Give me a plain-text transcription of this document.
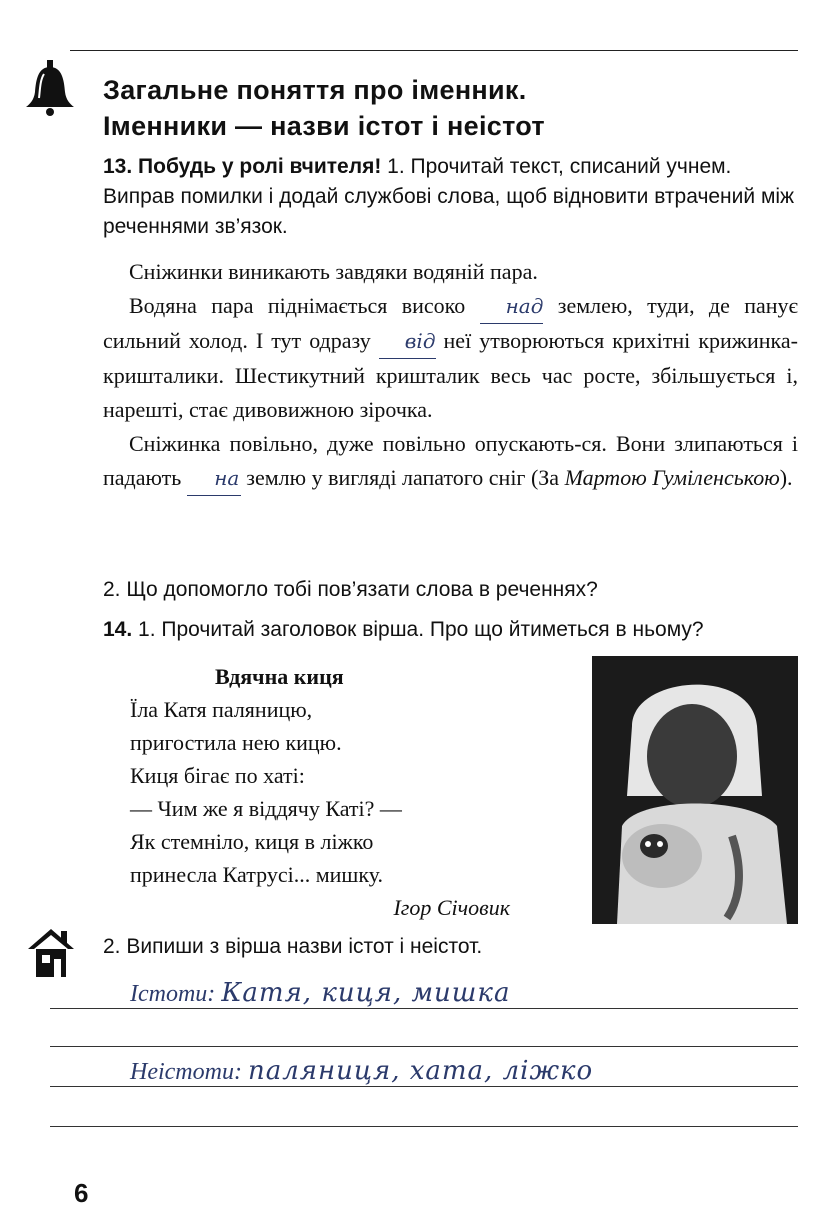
Загальне поняття про іменник.
Іменники — назви істот і неістот
13. Побудь у ролі вчителя! 1. Прочитай текст, списаний учнем. Виправ помилки і додай службові слова, щоб відновити втрачений між реченнями зв’язок.

Сніжинки виникають завдяки водяній пара.

Водяна пара піднімається високо над землею, туди, де панує сильний холод. І тут одразу від неї утворюються крихітні крижинка-кришталики. Шестикутний кришталик весь час росте, збільшується і, нарешті, стає дивовижною зірочка.

Сніжинка повільно, дуже повільно опускають-ся. Вони злипаються і падають на землю у вигляді лапатого сніг (За Мартою Гуміленською).

2. Що допомогло тобі пов’язати слова в реченнях?
14. 1. Прочитай заголовок вірша. Про що йтиметься в ньому?
Вдячна киця
Їла Катя паляницю,
пригостила нею кицю.
Киця бігає по хаті:
— Чим же я віддячу Каті? —
Як стемніло, киця в ліжко
принесла Катрусі... мишку.
Ігор Січовик
2. Випиши з вірша назви істот і неістот.
Істоти: Катя, киця, мишка
Неістоти: паляниця, хата, ліжко
6
